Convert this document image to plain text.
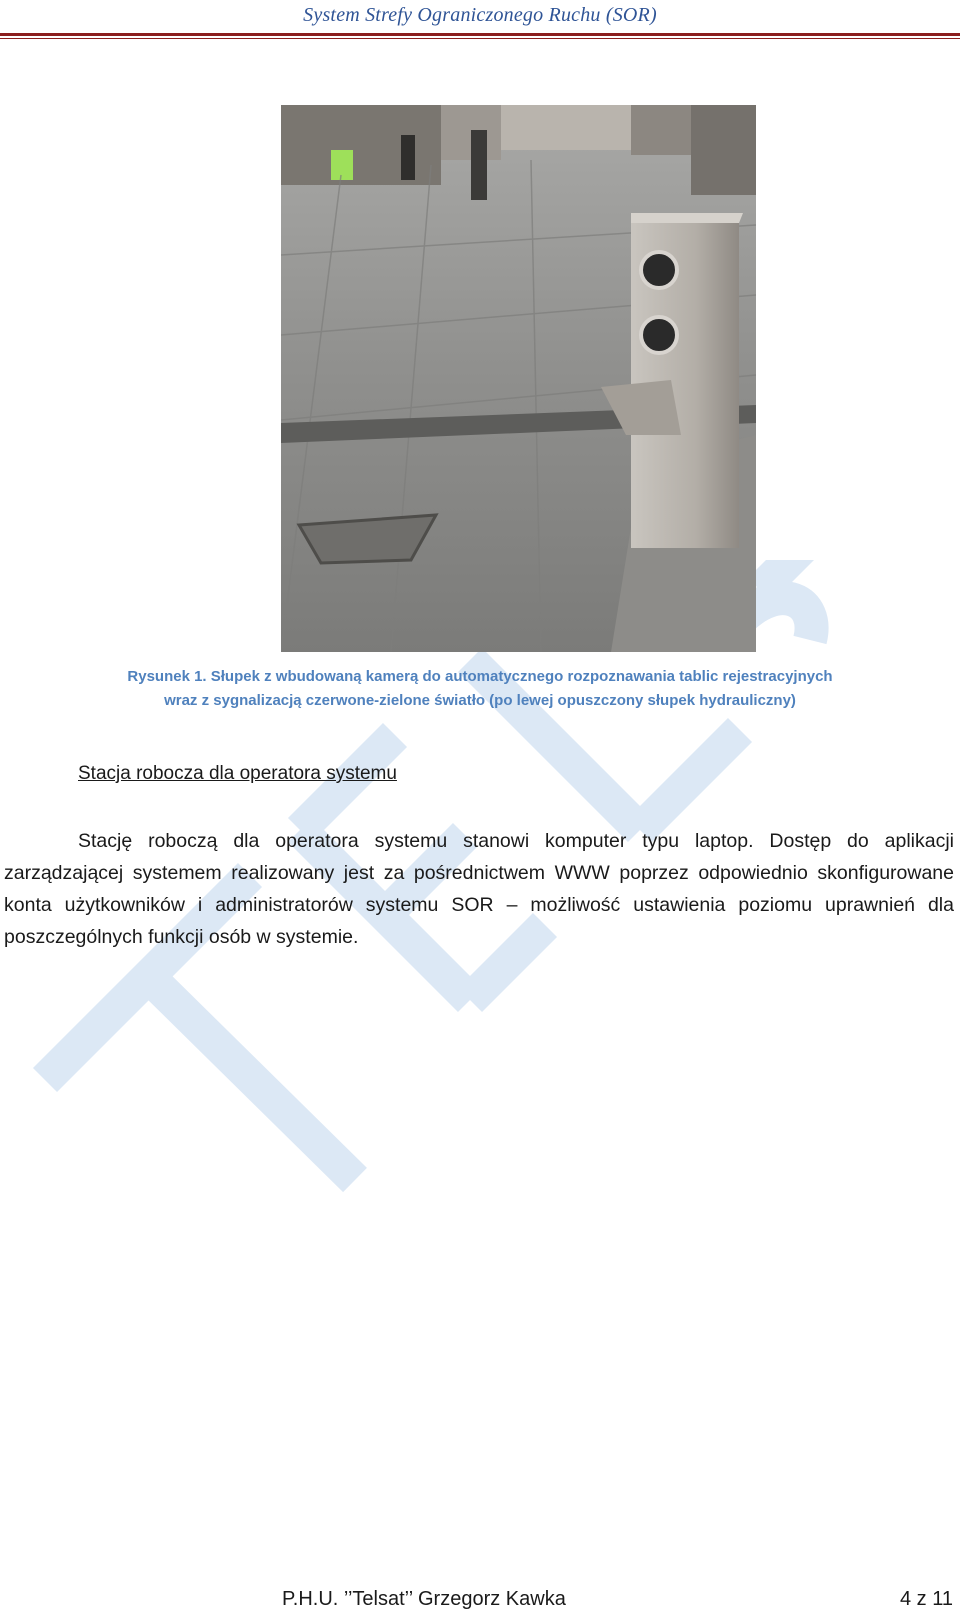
System Strefy Ograniczonego Ruchu (SOR)
Rysunek 1. Słupek z wbudowaną kamerą do automatycznego rozpoznawania tablic rejestracyjnych
wraz z sygnalizacją czerwone-zielone światło (po lewej opuszczony słupek hydrauliczny)
Stacja robocza dla operatora systemu
Stację roboczą dla operatora systemu stanowi komputer typu laptop. Dostęp do aplikacji zarządzającej systemem realizowany jest za pośrednictwem WWW poprzez odpowiednio skonfigurowane konta użytkowników i administratorów systemu SOR – możliwość ustawienia poziomu uprawnień dla poszczególnych funkcji osób w systemie.
P.H.U. ’’Telsat’’ Grzegorz Kawka	4 z 11
